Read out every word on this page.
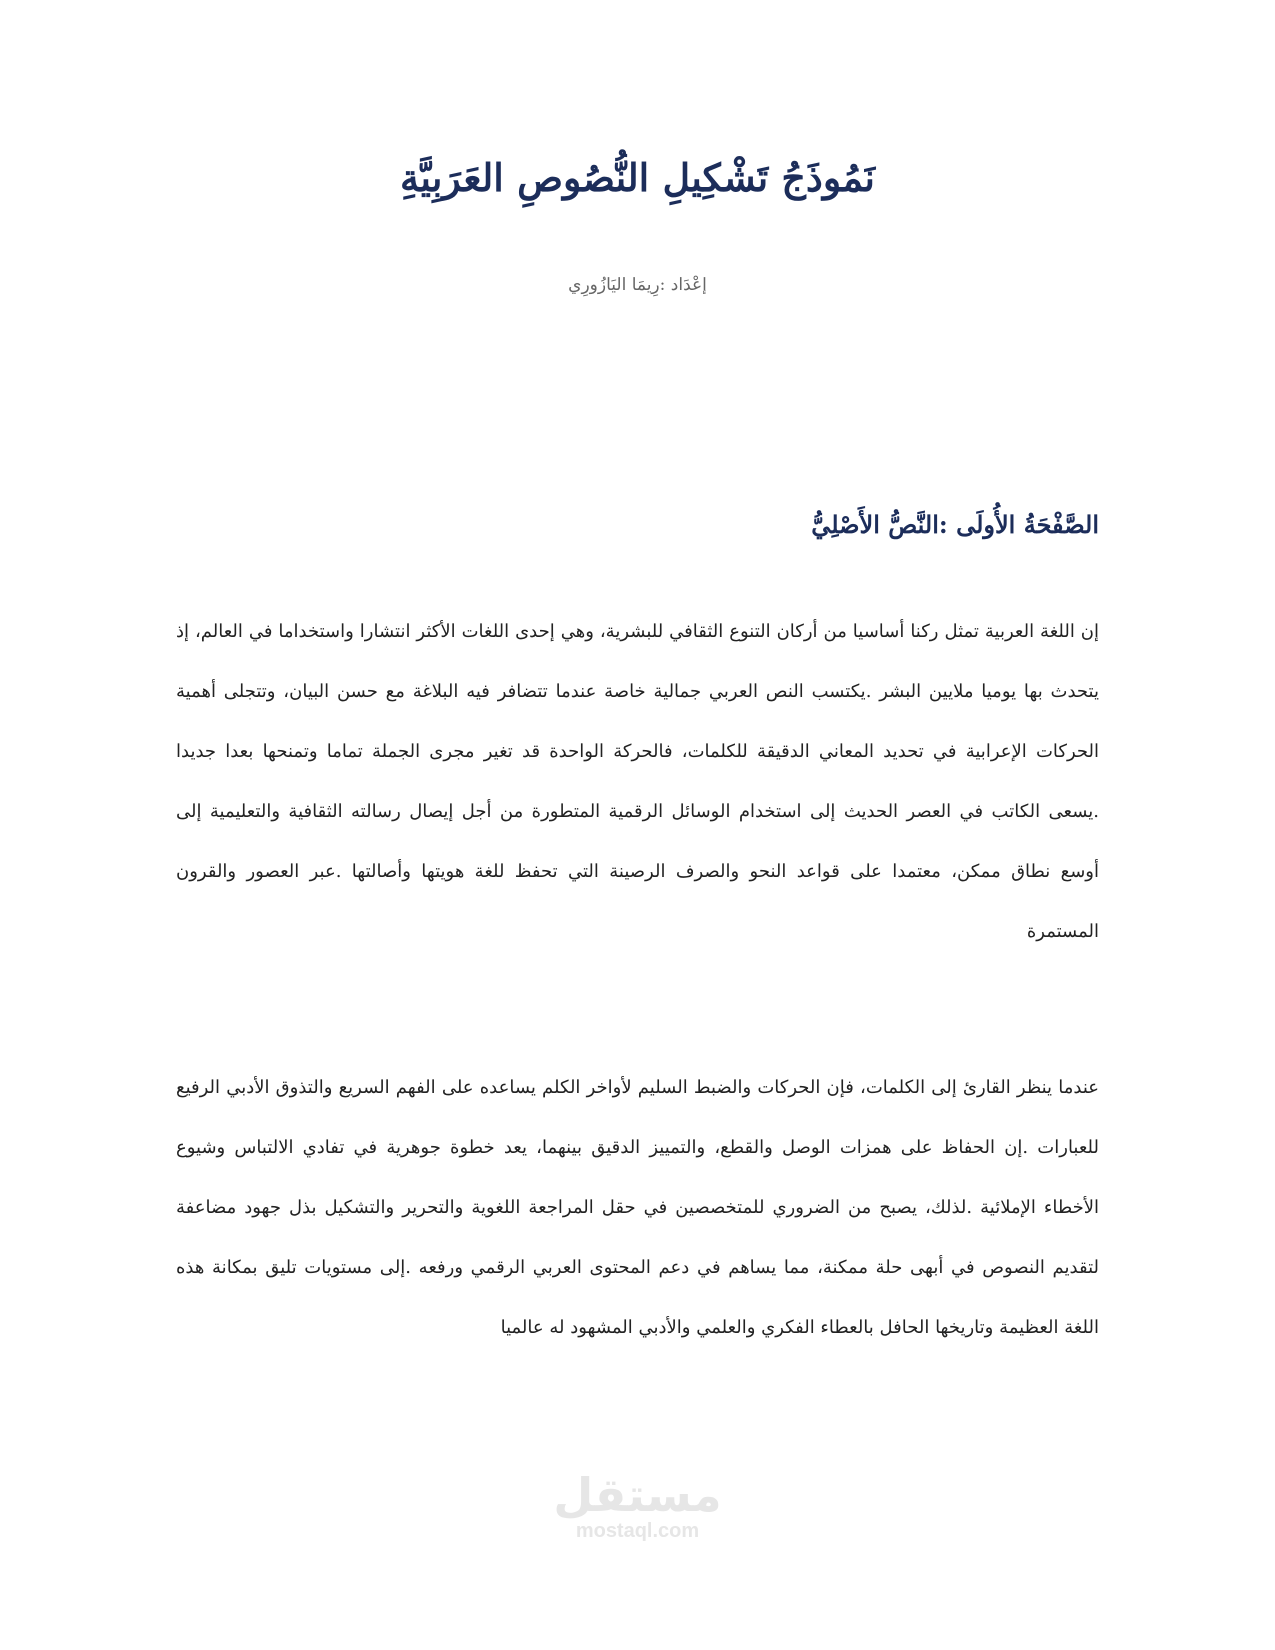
نَمُوذَجُ تَشْكِيلِ النُّصُوصِ العَرَبِيَّةِ

إعْدَاد :رِيمَا اليَازُورِي

الصَّفْحَةُ الأُولَى :النَّصُّ الأَصْلِيُّ

إن اللغة العربية تمثل ركنا أساسيا من أركان التنوع الثقافي للبشرية، وهي إحدى اللغات الأكثر انتشارا واستخداما في العالم، إذ يتحدث بها يوميا ملايين البشر .يكتسب النص العربي جمالية خاصة عندما تتضافر فيه البلاغة مع حسن البيان، وتتجلى أهمية الحركات الإعرابية في تحديد المعاني الدقيقة للكلمات، فالحركة الواحدة قد تغير مجرى الجملة تماما وتمنحها بعدا جديدا .يسعى الكاتب في العصر الحديث إلى استخدام الوسائل الرقمية المتطورة من أجل إيصال رسالته الثقافية والتعليمية إلى أوسع نطاق ممكن، معتمدا على قواعد النحو والصرف الرصينة التي تحفظ للغة هويتها وأصالتها .عبر العصور والقرون المستمرة

عندما ينظر القارئ إلى الكلمات، فإن الحركات والضبط السليم لأواخر الكلم يساعده على الفهم السريع والتذوق الأدبي الرفيع للعبارات .إن الحفاظ على همزات الوصل والقطع، والتمييز الدقيق بينهما، يعد خطوة جوهرية في تفادي الالتباس وشيوع الأخطاء الإملائية .لذلك، يصبح من الضروري للمتخصصين في حقل المراجعة اللغوية والتحرير والتشكيل بذل جهود مضاعفة لتقديم النصوص في أبهى حلة ممكنة، مما يساهم في دعم المحتوى العربي الرقمي ورفعه .إلى مستويات تليق بمكانة هذه اللغة العظيمة وتاريخها الحافل بالعطاء الفكري والعلمي والأدبي المشهود له عالميا

مستقل
mostaql.com
